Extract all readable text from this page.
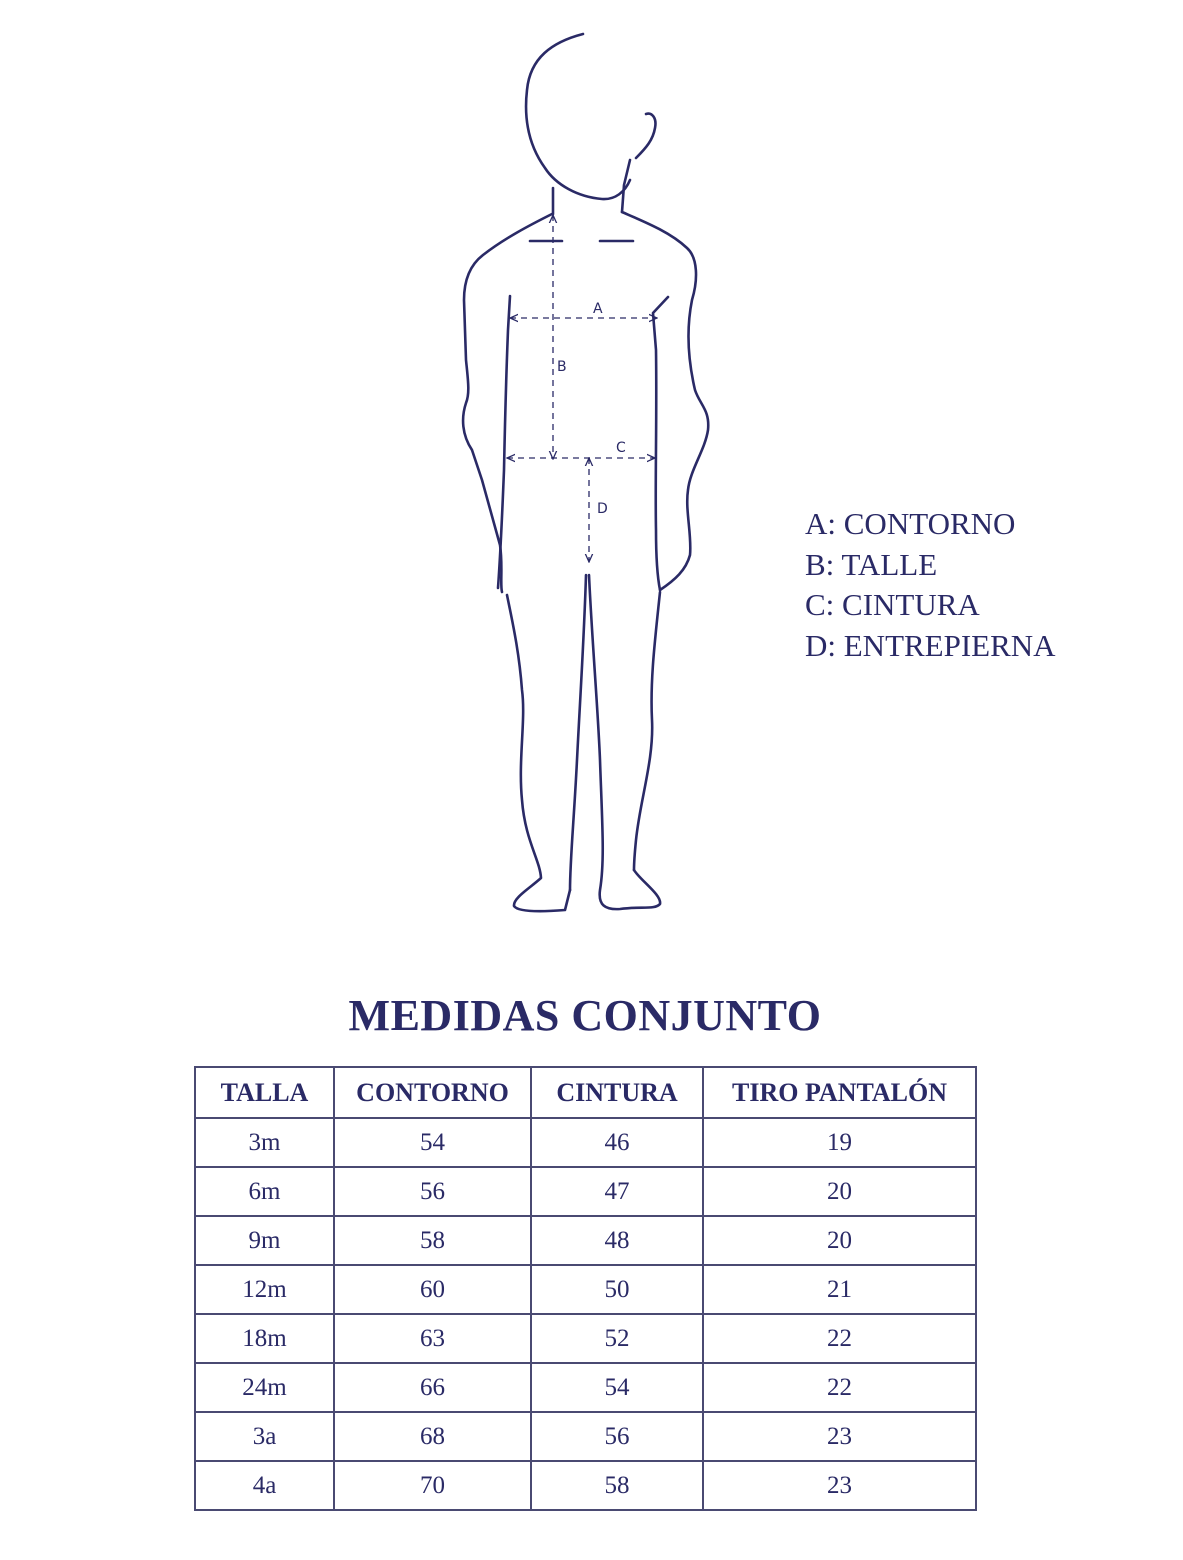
A
B
C
D	A: CONTORNO
B: TALLE
C: CINTURA
D: ENTREPIERNA
MEDIDAS CONJUNTO
TALLA	CONTORNO	CINTURA	TIRO PANTALÓN
3m	54	46	19
6m	56	47	20
9m	58	48	20
12m	60	50	21
18m	63	52	22
24m	66	54	22
3a	68	56	23
4a	70	58	23
